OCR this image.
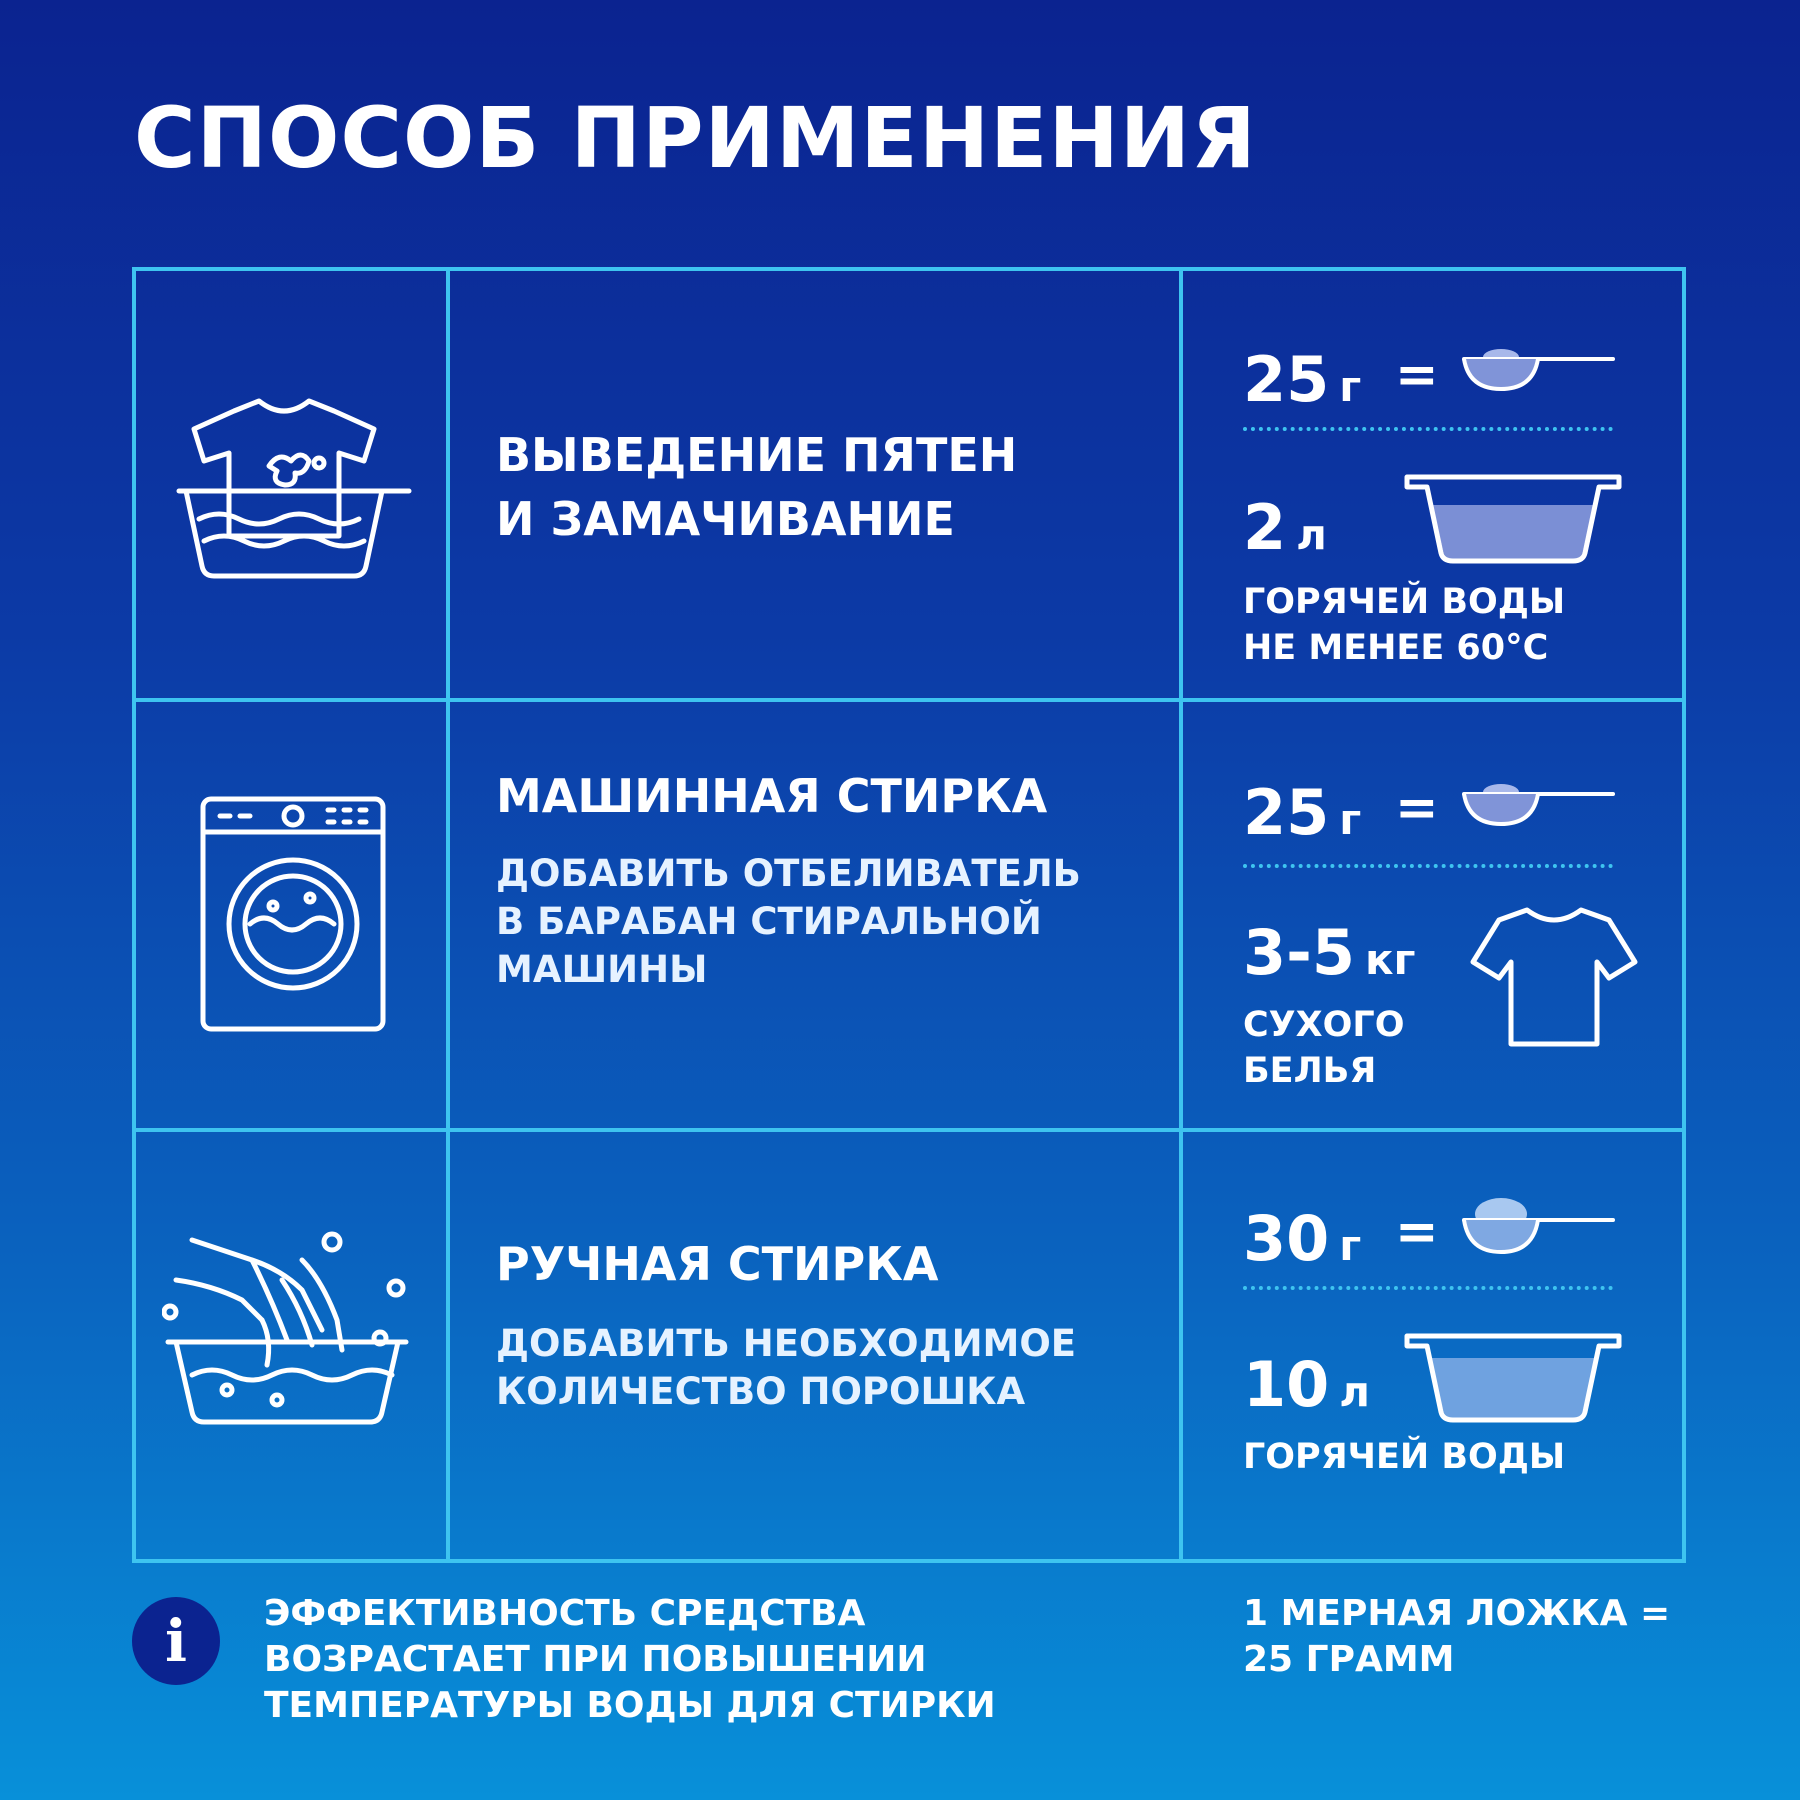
СПОСОБ ПРИМЕНЕНИЯ
ВЫВЕДЕНИЕ ПЯТЕН
И ЗАМАЧИВАНИЕ
25 г =
2 л
ГОРЯЧЕЙ ВОДЫ
НЕ МЕНЕЕ 60°C
МАШИННАЯ СТИРКА
ДОБАВИТЬ ОТБЕЛИВАТЕЛЬ
В БАРАБАН СТИРАЛЬНОЙ
МАШИНЫ
25 г =
3-5 кг
СУХОГО
БЕЛЬЯ
РУЧНАЯ СТИРКА
ДОБАВИТЬ НЕОБХОДИМОЕ
КОЛИЧЕСТВО ПОРОШКА
30 г =
10 л
ГОРЯЧЕЙ ВОДЫ
i ЭФФЕКТИВНОСТЬ СРЕДСТВА
ВОЗРАСТАЕТ ПРИ ПОВЫШЕНИИ
ТЕМПЕРАТУРЫ ВОДЫ ДЛЯ СТИРКИ
1 МЕРНАЯ ЛОЖКА =
25 ГРАММ
